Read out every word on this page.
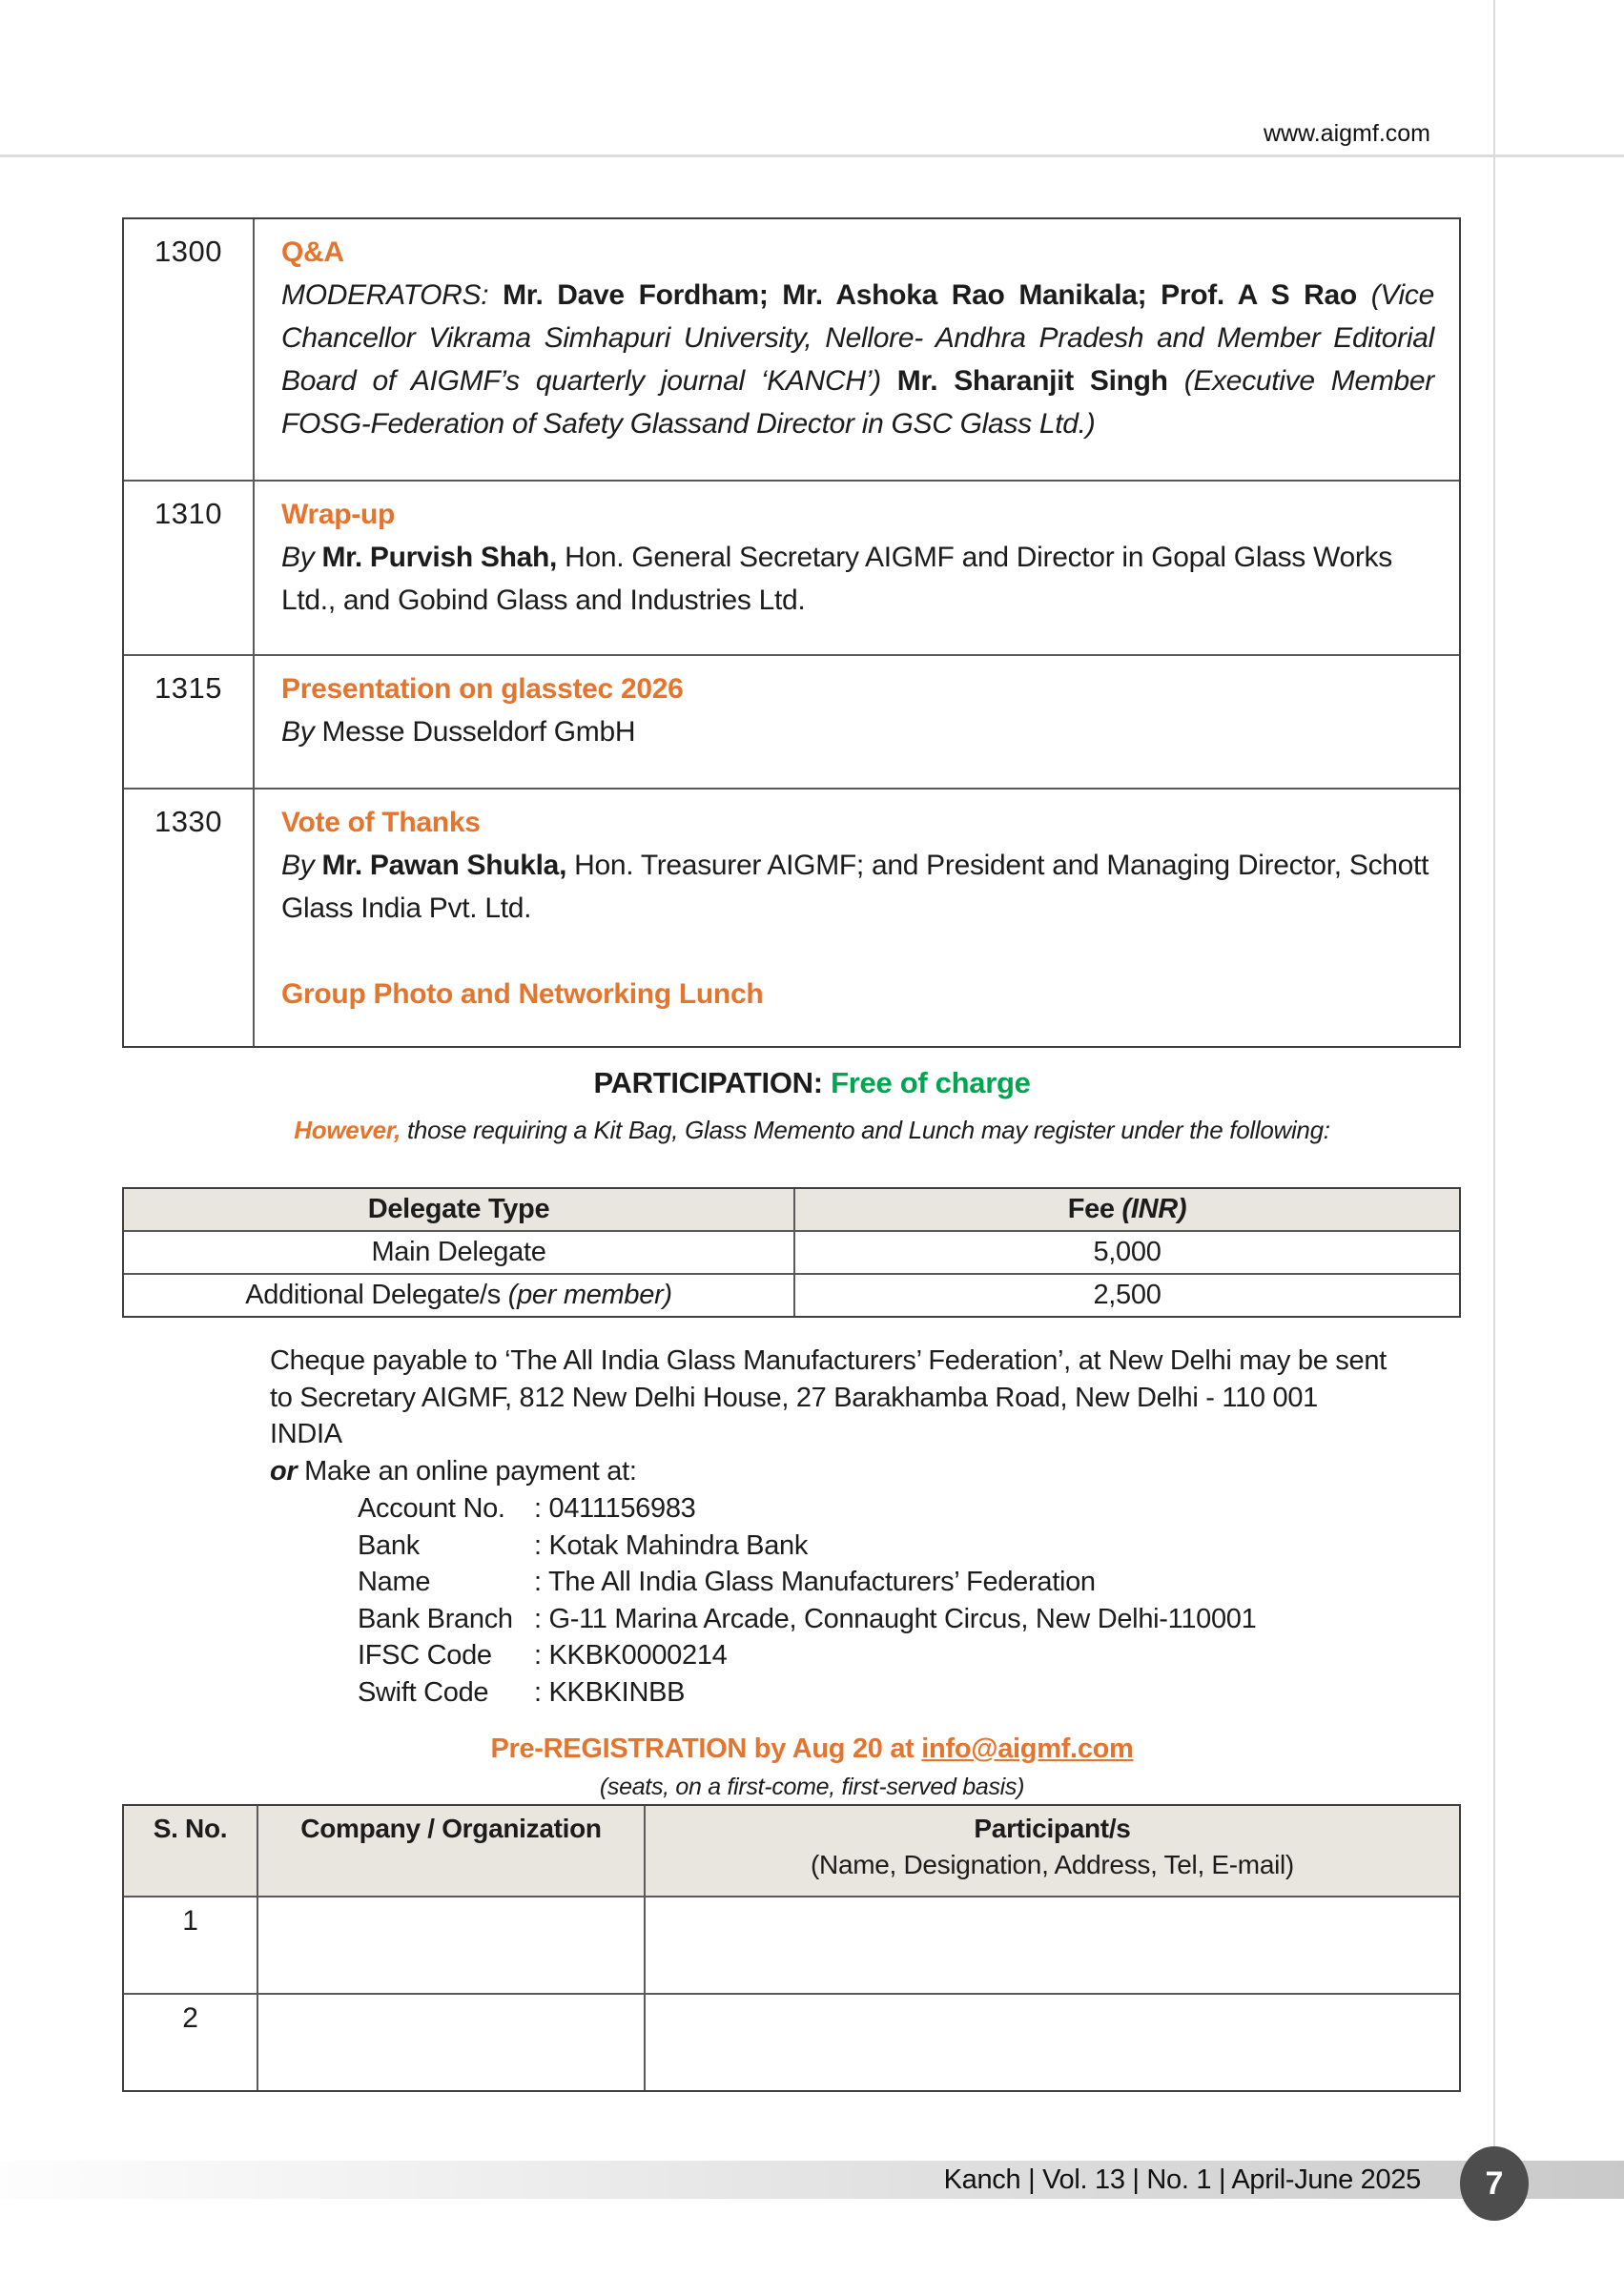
www.aigmf.com
1300	Q&A
MODERATORS: Mr. Dave Fordham; Mr. Ashoka Rao Manikala; Prof. A S Rao (Vice Chancellor Vikrama Simhapuri University, Nellore- Andhra Pradesh and Member Editorial Board of AIGMF’s quarterly journal ‘KANCH’) Mr. Sharanjit Singh (Executive Member FOSG-Federation of Safety Glassand Director in GSC Glass Ltd.)
1310	Wrap-up
By Mr. Purvish Shah, Hon. General Secretary AIGMF and Director in Gopal Glass Works Ltd., and Gobind Glass and Industries Ltd.
1315	Presentation on glasstec 2026
By Messe Dusseldorf GmbH
1330	Vote of Thanks
By Mr. Pawan Shukla, Hon. Treasurer AIGMF; and President and Managing Director, Schott Glass India Pvt. Ltd.
Group Photo and Networking Lunch
PARTICIPATION: Free of charge
However, those requiring a Kit Bag, Glass Memento and Lunch may register under the following:
Delegate Type	Fee (INR)
Main Delegate	5,000
Additional Delegate/s (per member)	2,500
Cheque payable to ‘The All India Glass Manufacturers’ Federation’, at New Delhi may be sent
to Secretary AIGMF, 812 New Delhi House, 27 Barakhamba Road, New Delhi - 110 001 INDIA
or Make an online payment at:
Account No.	: 0411156983
Bank	: Kotak Mahindra Bank
Name	: The All India Glass Manufacturers’ Federation
Bank Branch : G-11 Marina Arcade, Connaught Circus, New Delhi-110001
IFSC Code	: KKBK0000214
Swift Code	: KKBKINBB
Pre-REGISTRATION by Aug 20 at info@aigmf.com
(seats, on a first-come, first-served basis)
S. No.	Company / Organization	Participant/s
(Name, Designation, Address, Tel, E-mail)
1
2
Kanch | Vol. 13 | No. 1 | April-June 2025	7
